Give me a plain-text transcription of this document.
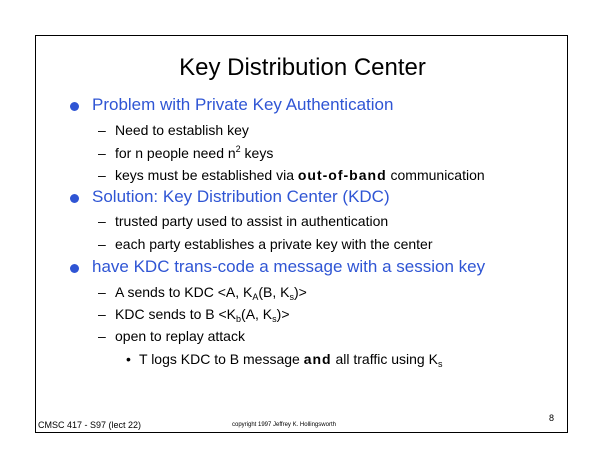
Key Distribution Center
Problem with Private Key Authentication
– Need to establish key
– for n people need $n^2$ keys
– keys must be established via out-of-band communication
Solution: Key Distribution Center (KDC)
– trusted party used to assist in authentication
– each party establishes a private key with the center
have KDC trans-code a message with a session key
– A sends to KDC <A, $K_A(B$, $K_s)>$
– KDC sends to $B <K_b(A$, $K_s)>$
– open to replay attack
• T logs KDC to B message and all traffic using $K_s$
CMSC 417 - S97 (lect 22)	copyright 1997 Jeffrey K. Hollingsworth
8
